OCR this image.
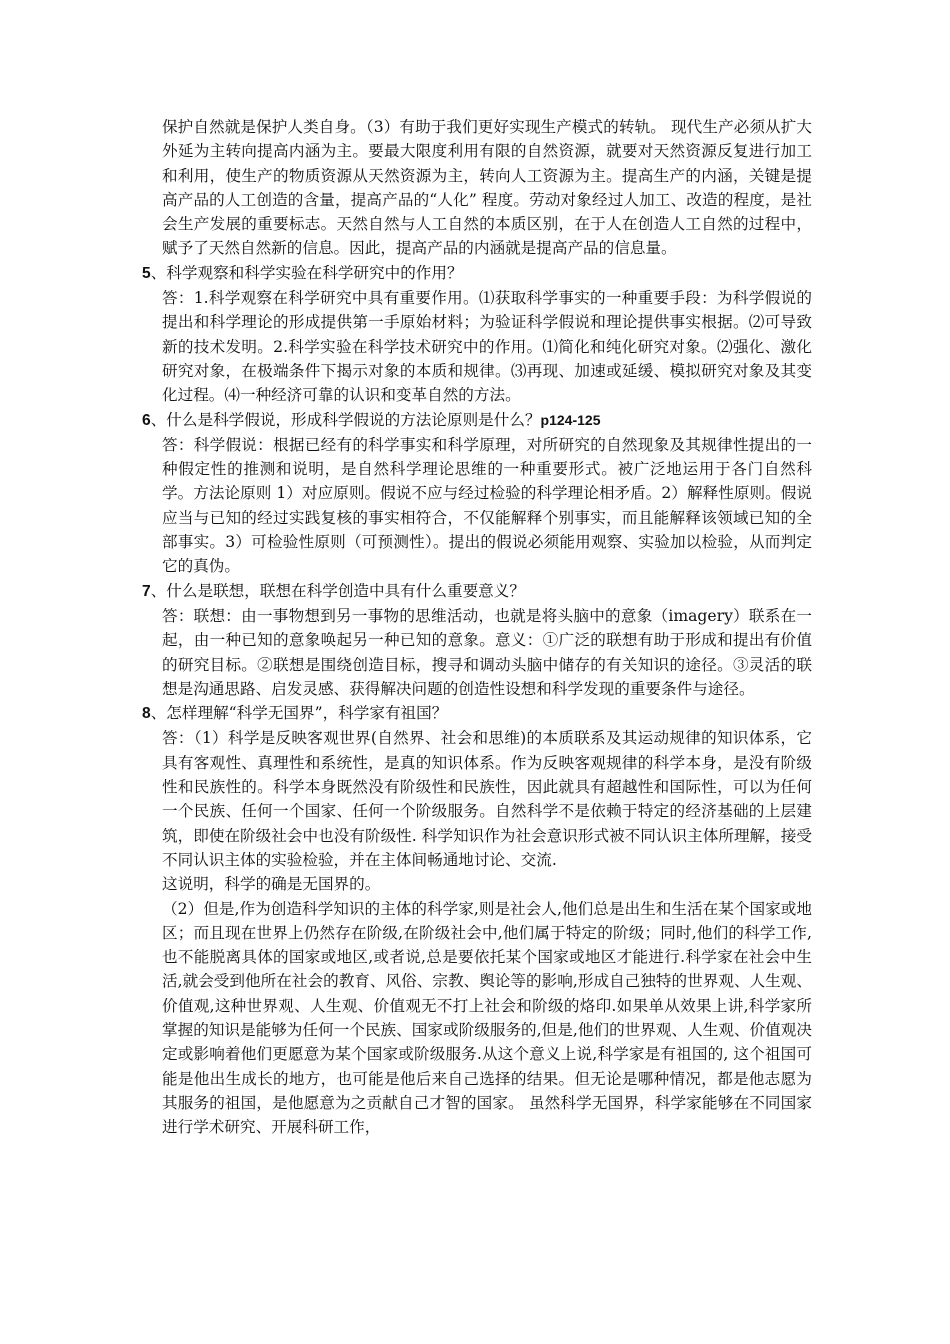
保护自然就是保护人类自身。（3）有助于我们更好实现生产模式的转轨。 现代生产必须从扩大外延为主转向提高内涵为主。要最大限度利用有限的自然资源，就要对天然资源反复进行加工和利用，使生产的物质资源从天然资源为主，转向人工资源为主。提高生产的内涵，关键是提高产品的人工创造的含量，提高产品的“人化” 程度。劳动对象经过人加工、改造的程度，是社会生产发展的重要标志。天然自然与人工自然的本质区别，在于人在创造人工自然的过程中，赋予了天然自然新的信息。因此，提高产品的内涵就是提高产品的信息量。

5、科学观察和科学实验在科学研究中的作用？

答：1.科学观察在科学研究中具有重要作用。⑴获取科学事实的一种重要手段：为科学假说的提出和科学理论的形成提供第一手原始材料；为验证科学假说和理论提供事实根据。⑵可导致新的技术发明。2.科学实验在科学技术研究中的作用。⑴简化和纯化研究对象。⑵强化、激化研究对象，在极端条件下揭示对象的本质和规律。⑶再现、加速或延缓、模拟研究对象及其变化过程。⑷一种经济可靠的认识和变革自然的方法。

6、什么是科学假说，形成科学假说的方法论原则是什么？p124-125

答：科学假说：根据已经有的科学事实和科学原理，对所研究的自然现象及其规律性提出的一种假定性的推测和说明，是自然科学理论思维的一种重要形式。被广泛地运用于各门自然科学。方法论原则 1）对应原则。假说不应与经过检验的科学理论相矛盾。2）解释性原则。假说应当与已知的经过实践复核的事实相符合，不仅能解释个别事实，而且能解释该领域已知的全部事实。3）可检验性原则（可预测性）。提出的假说必须能用观察、实验加以检验，从而判定它的真伪。

7、什么是联想，联想在科学创造中具有什么重要意义？

答：联想：由一事物想到另一事物的思维活动，也就是将头脑中的意象（imagery）联系在一起，由一种已知的意象唤起另一种已知的意象。意义：①广泛的联想有助于形成和提出有价值的研究目标。②联想是围绕创造目标，搜寻和调动头脑中储存的有关知识的途径。③灵活的联想是沟通思路、启发灵感、获得解决问题的创造性设想和科学发现的重要条件与途径。

8、怎样理解“科学无国界”，科学家有祖国？

答：（1）科学是反映客观世界(自然界、社会和思维)的本质联系及其运动规律的知识体系，它具有客观性、真理性和系统性，是真的知识体系。作为反映客观规律的科学本身，是没有阶级性和民族性的。科学本身既然没有阶级性和民族性，因此就具有超越性和国际性，可以为任何一个民族、任何一个国家、任何一个阶级服务。自然科学不是依赖于特定的经济基础的上层建筑，即使在阶级社会中也没有阶级性. 科学知识作为社会意识形式被不同认识主体所理解，接受不同认识主体的实验检验，并在主体间畅通地讨论、交流.

这说明，科学的确是无国界的。

（2）但是,作为创造科学知识的主体的科学家,则是社会人,他们总是出生和生活在某个国家或地区；而且现在世界上仍然存在阶级,在阶级社会中,他们属于特定的阶级；同时,他们的科学工作,也不能脱离具体的国家或地区,或者说,总是要依托某个国家或地区才能进行.科学家在社会中生活,就会受到他所在社会的教育、风俗、宗教、舆论等的影响,形成自己独特的世界观、人生观、价值观,这种世界观、人生观、价值观无不打上社会和阶级的烙印.如果单从效果上讲,科学家所掌握的知识是能够为任何一个民族、国家或阶级服务的,但是,他们的世界观、人生观、价值观决定或影响着他们更愿意为某个国家或阶级服务.从这个意义上说,科学家是有祖国的, 这个祖国可能是他出生成长的地方，也可能是他后来自己选择的结果。但无论是哪种情况，都是他志愿为其服务的祖国，是他愿意为之贡献自己才智的国家。 虽然科学无国界，科学家能够在不同国家进行学术研究、开展科研工作，
